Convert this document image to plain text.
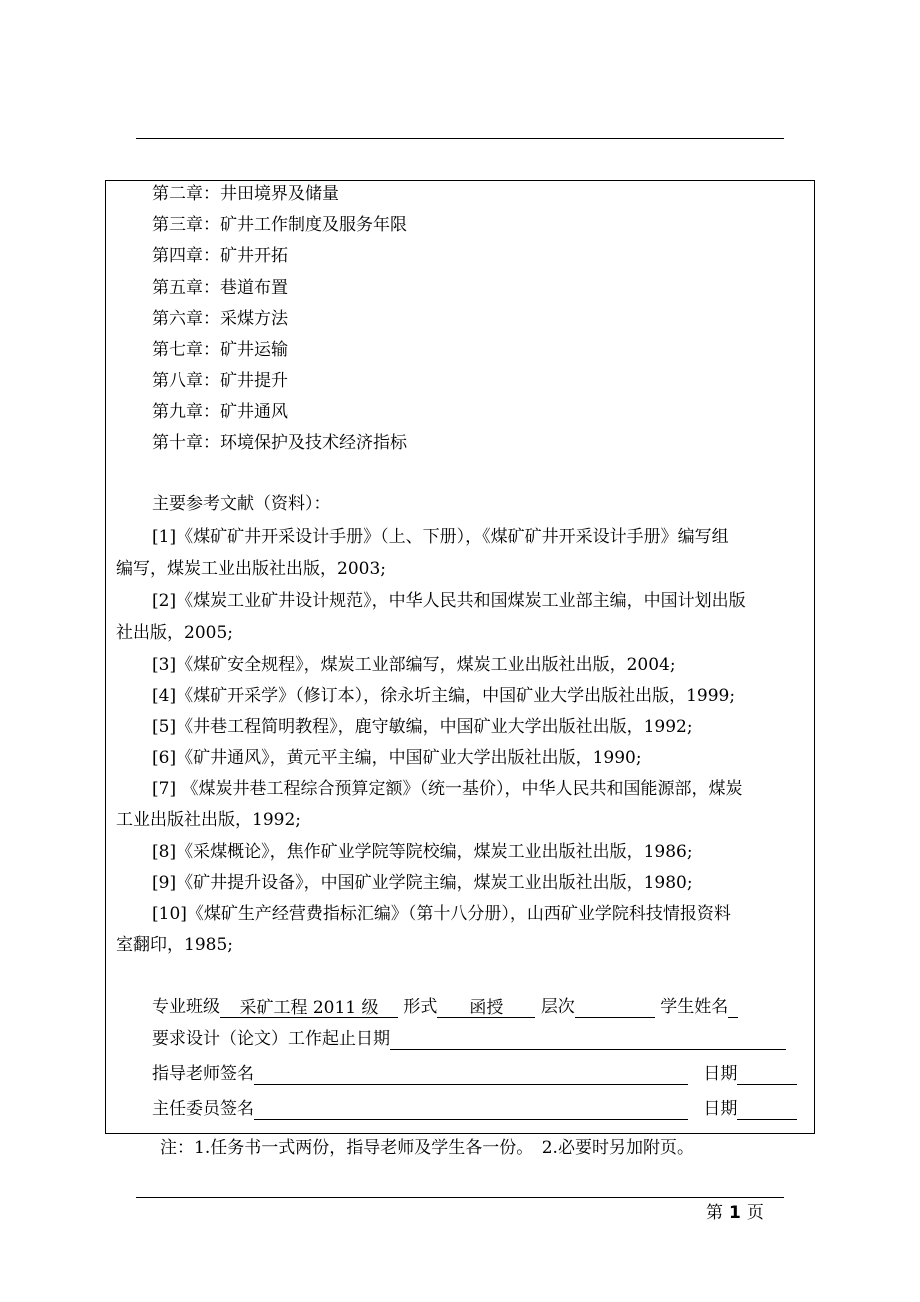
第二章：井田境界及储量
第三章：矿井工作制度及服务年限
第四章：矿井开拓
第五章：巷道布置
第六章：采煤方法
第七章：矿井运输
第八章：矿井提升
第九章：矿井通风
第十章：环境保护及技术经济指标
主要参考文献（资料）：
[1]《煤矿矿井开采设计手册》（上、下册），《煤矿矿井开采设计手册》编写组
编写，煤炭工业出版社出版，2003;
[2]《煤炭工业矿井设计规范》，中华人民共和国煤炭工业部主编，中国计划出版
社出版，2005;
[3]《煤矿安全规程》，煤炭工业部编写，煤炭工业出版社出版，2004;
[4]《煤矿开采学》（修订本），徐永圻主编，中国矿业大学出版社出版，1999;
[5]《井巷工程简明教程》，鹿守敏编，中国矿业大学出版社出版，1992;
[6]《矿井通风》，黄元平主编，中国矿业大学出版社出版，1990;
[7] 《煤炭井巷工程综合预算定额》（统一基价），中华人民共和国能源部，煤炭
工业出版社出版，1992;
[8]《采煤概论》，焦作矿业学院等院校编，煤炭工业出版社出版，1986;
[9]《矿井提升设备》，中国矿业学院主编，煤炭工业出版社出版，1980;
[10]《煤矿生产经营费指标汇编》（第十八分册），山西矿业学院科技情报资料
室翻印，1985;
专业班级 采矿工程 2011 级 形式 函授 层次	学生姓名
要求设计（论文）工作起止日期
指导老师签名	日期
主任委员签名	日期
注：1.任务书一式两份，指导老师及学生各一份。　2.必要时另加附页。
第 1 页
